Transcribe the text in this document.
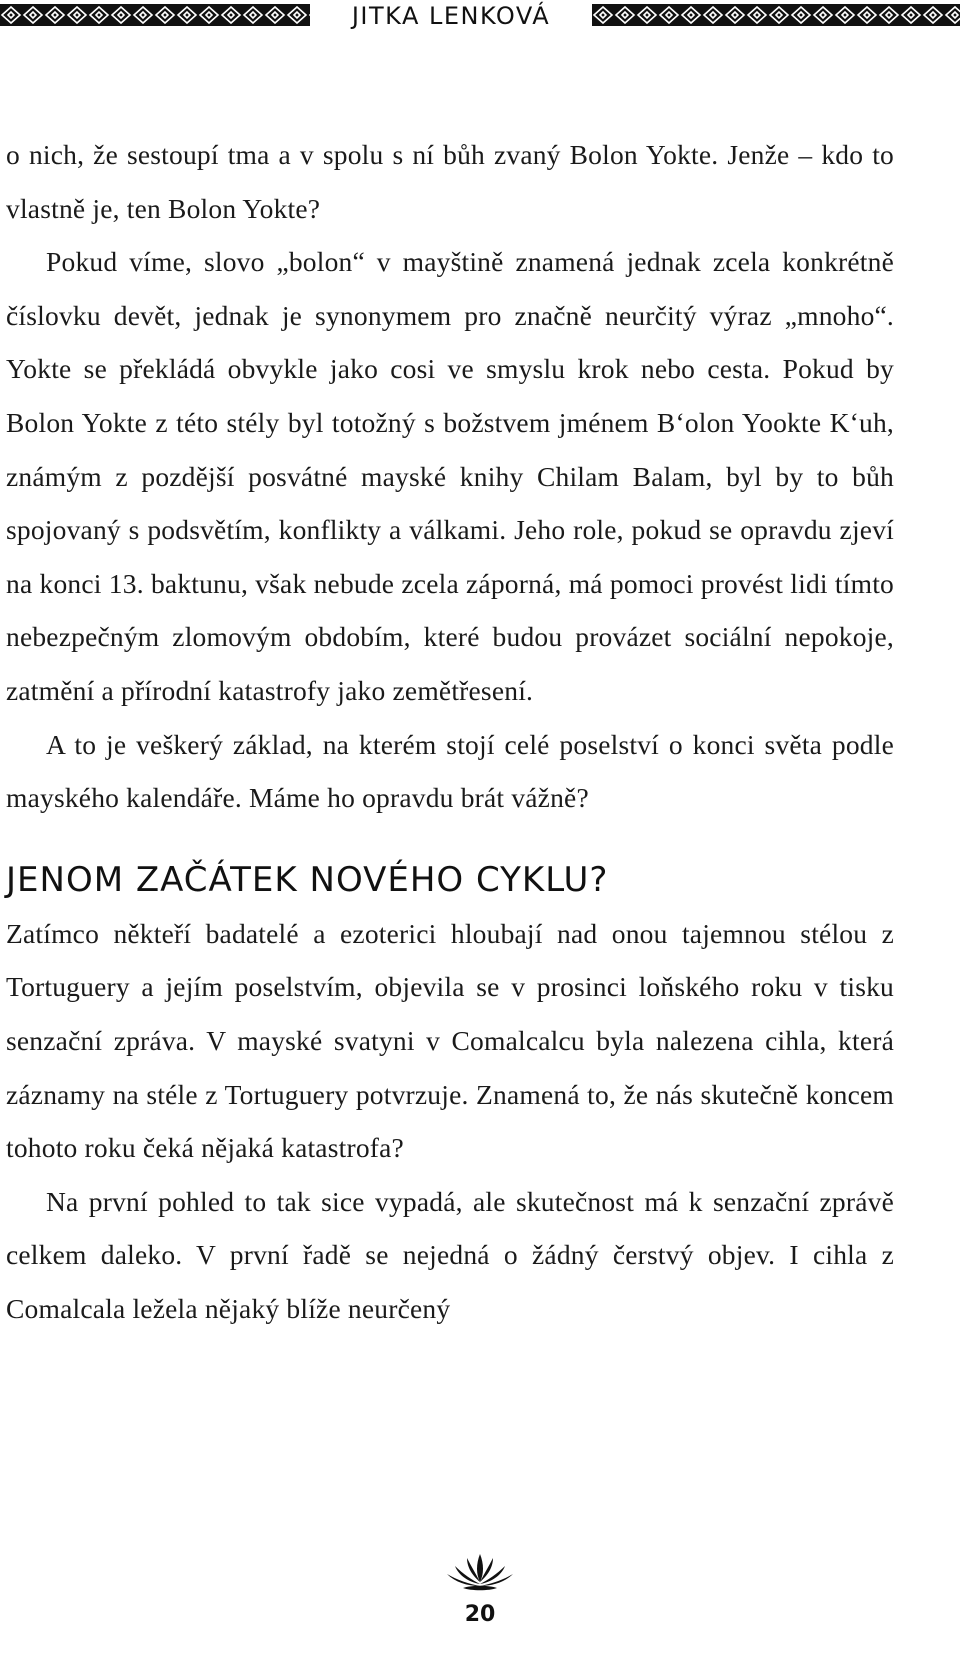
JITKA LENKOVÁ

o nich, že sestoupí tma a v spolu s ní bůh zvaný Bolon Yokte. Jenže – kdo to vlastně je, ten Bolon Yokte?

Pokud víme, slovo „bolon“ v mayštině znamená jednak zcela konkrétně číslovku devět, jednak je synonymem pro značně neurčitý výraz „mnoho“. Yokte se překládá obvykle jako cosi ve smyslu krok nebo cesta. Pokud by Bolon Yokte z této stély byl totožný s božstvem jménem Bʻolon Yookte Kʻuh, známým z pozdější posvátné mayské knihy Chilam Balam, byl by to bůh spojovaný s podsvětím, konflikty a válkami. Jeho role, pokud se opravdu zjeví na konci 13. baktunu, však nebude zcela záporná, má pomoci provést lidi tímto nebezpečným zlomovým obdobím, které budou provázet sociální nepokoje, zatmění a přírodní katastrofy jako zemětřesení.

A to je veškerý základ, na kterém stojí celé poselství o konci světa podle mayského kalendáře. Máme ho opravdu brát vážně?

JENOM ZAČÁTEK NOVÉHO CYKLU?

Zatímco někteří badatelé a ezoterici hloubají nad onou tajemnou stélou z Tortuguery a jejím poselstvím, objevila se v prosinci loňského roku v tisku senzační zpráva. V mayské svatyni v Comalcalcu byla nalezena cihla, která záznamy na stéle z Tortuguery potvrzuje. Znamená to, že nás skutečně koncem tohoto roku čeká nějaká katastrofa?

Na první pohled to tak sice vypadá, ale skutečnost má k senzační zprávě celkem daleko. V první řadě se nejedná o žádný čerstvý objev. I cihla z Comalcala ležela nějaký blíže neurčený

20
